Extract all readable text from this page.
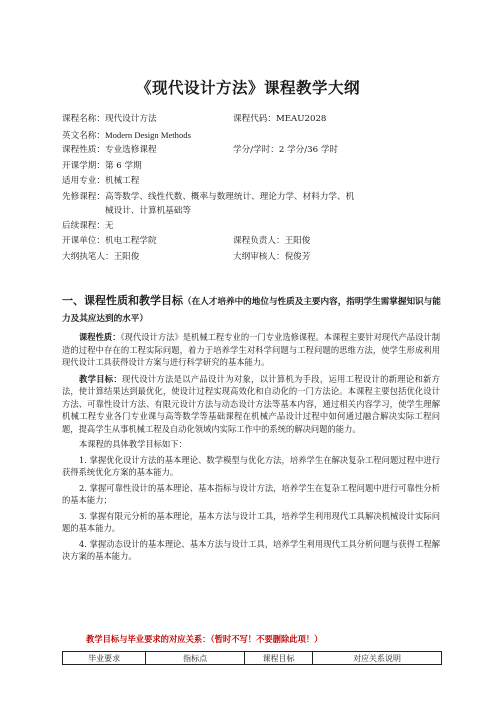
《现代设计方法》课程教学大纲
课程名称：现代设计方法	课程代码：MEAU2028
英文名称：Modern Design Methods
课程性质：专业选修课程	学分/学时：2 学分/36 学时
开课学期：第 6 学期
适用专业：机械工程
先修课程：高等数学、线性代数、概率与数理统计、理论力学、材料力学、机
械设计、计算机基础等
后续课程：无
开课单位：机电工程学院	课程负责人：王阳俊
大纲执笔人：王阳俊	大纲审核人：倪俊芳
一、课程性质和教学目标（在人才培养中的地位与性质及主要内容，指明学生需掌握知识与能力及其应达到的水平）

课程性质：《现代设计方法》是机械工程专业的一门专业选修课程。本课程主要针对现代产品设计制造的过程中存在的工程实际问题，着力于培养学生对科学问题与工程问题的思维方法，使学生形成利用现代设计工具获得设计方案与进行科学研究的基本能力。

教学目标：现代设计方法是以产品设计为对象，以计算机为手段，运用工程设计的新理论和新方法，使计算结果达到最优化，使设计过程实现高效化和自动化的一门方法论。本课程主要包括优化设计方法、可靠性设计方法、有限元设计方法与动态设计方法等基本内容，通过相关内容学习，使学生理解机械工程专业各门专业课与高等数学等基础课程在机械产品设计过程中如何通过融合解决实际工程问题，提高学生从事机械工程及自动化领域内实际工作中的系统的解决问题的能力。

本课程的具体教学目标如下：

1. 掌握优化设计方法的基本理论、数学模型与优化方法，培养学生在解决复杂工程问题过程中进行获得系统优化方案的基本能力。

2. 掌握可靠性设计的基本理论、基本指标与设计方法，培养学生在复杂工程问题中进行可靠性分析的基本能力；

3. 掌握有限元分析的基本理论，基本方法与设计工具，培养学生利用现代工具解决机械设计实际问题的基本能力。

4. 掌握动态设计的基本理论、基本方法与设计工具，培养学生利用现代工具分析问题与获得工程解决方案的基本能力。

教学目标与毕业要求的对应关系：（暂时不写！不要删除此项！）
毕业要求	指标点	课程目标	对应关系说明
